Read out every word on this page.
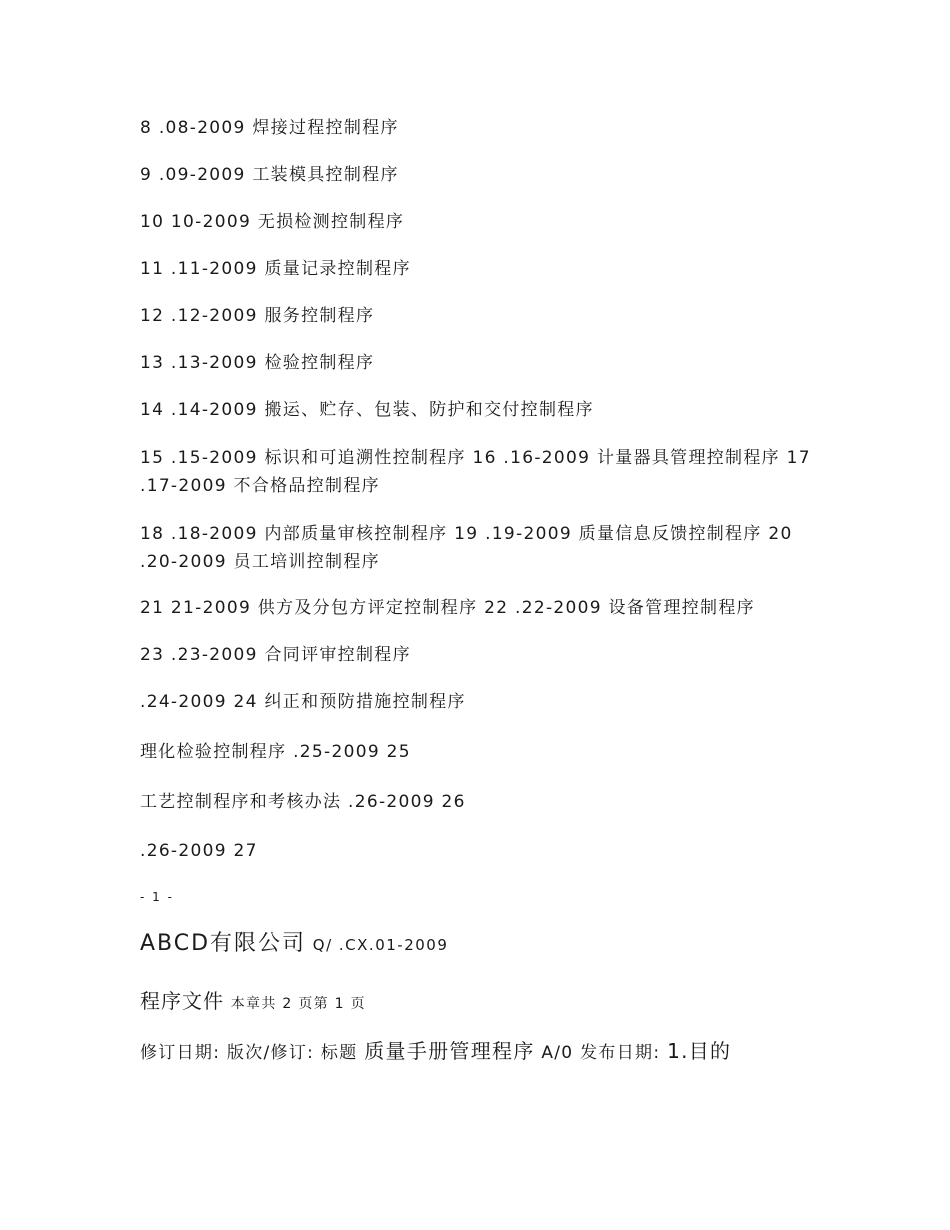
8 .08-2009 焊接过程控制程序
9 .09-2009 工装模具控制程序
10 10-2009 无损检测控制程序
11 .11-2009 质量记录控制程序
12 .12-2009 服务控制程序
13 .13-2009 检验控制程序
14 .14-2009 搬运、贮存、包装、防护和交付控制程序
15 .15-2009 标识和可追溯性控制程序 16 .16-2009 计量器具管理控制程序 17 .17-2009 不合格品控制程序
18 .18-2009 内部质量审核控制程序 19 .19-2009 质量信息反馈控制程序 20 .20-2009 员工培训控制程序
21 21-2009 供方及分包方评定控制程序 22 .22-2009 设备管理控制程序
23 .23-2009 合同评审控制程序
.24-2009 24 纠正和预防措施控制程序
理化检验控制程序 .25-2009 25
工艺控制程序和考核办法 .26-2009 26
.26-2009 27
- 1 -
ABCD有限公司 Q/ .CX.01-2009
程序文件 本章共 2 页第 1 页
修订日期: 版次/修订: 标题 质量手册管理程序 A/0 发布日期: 1.目的
